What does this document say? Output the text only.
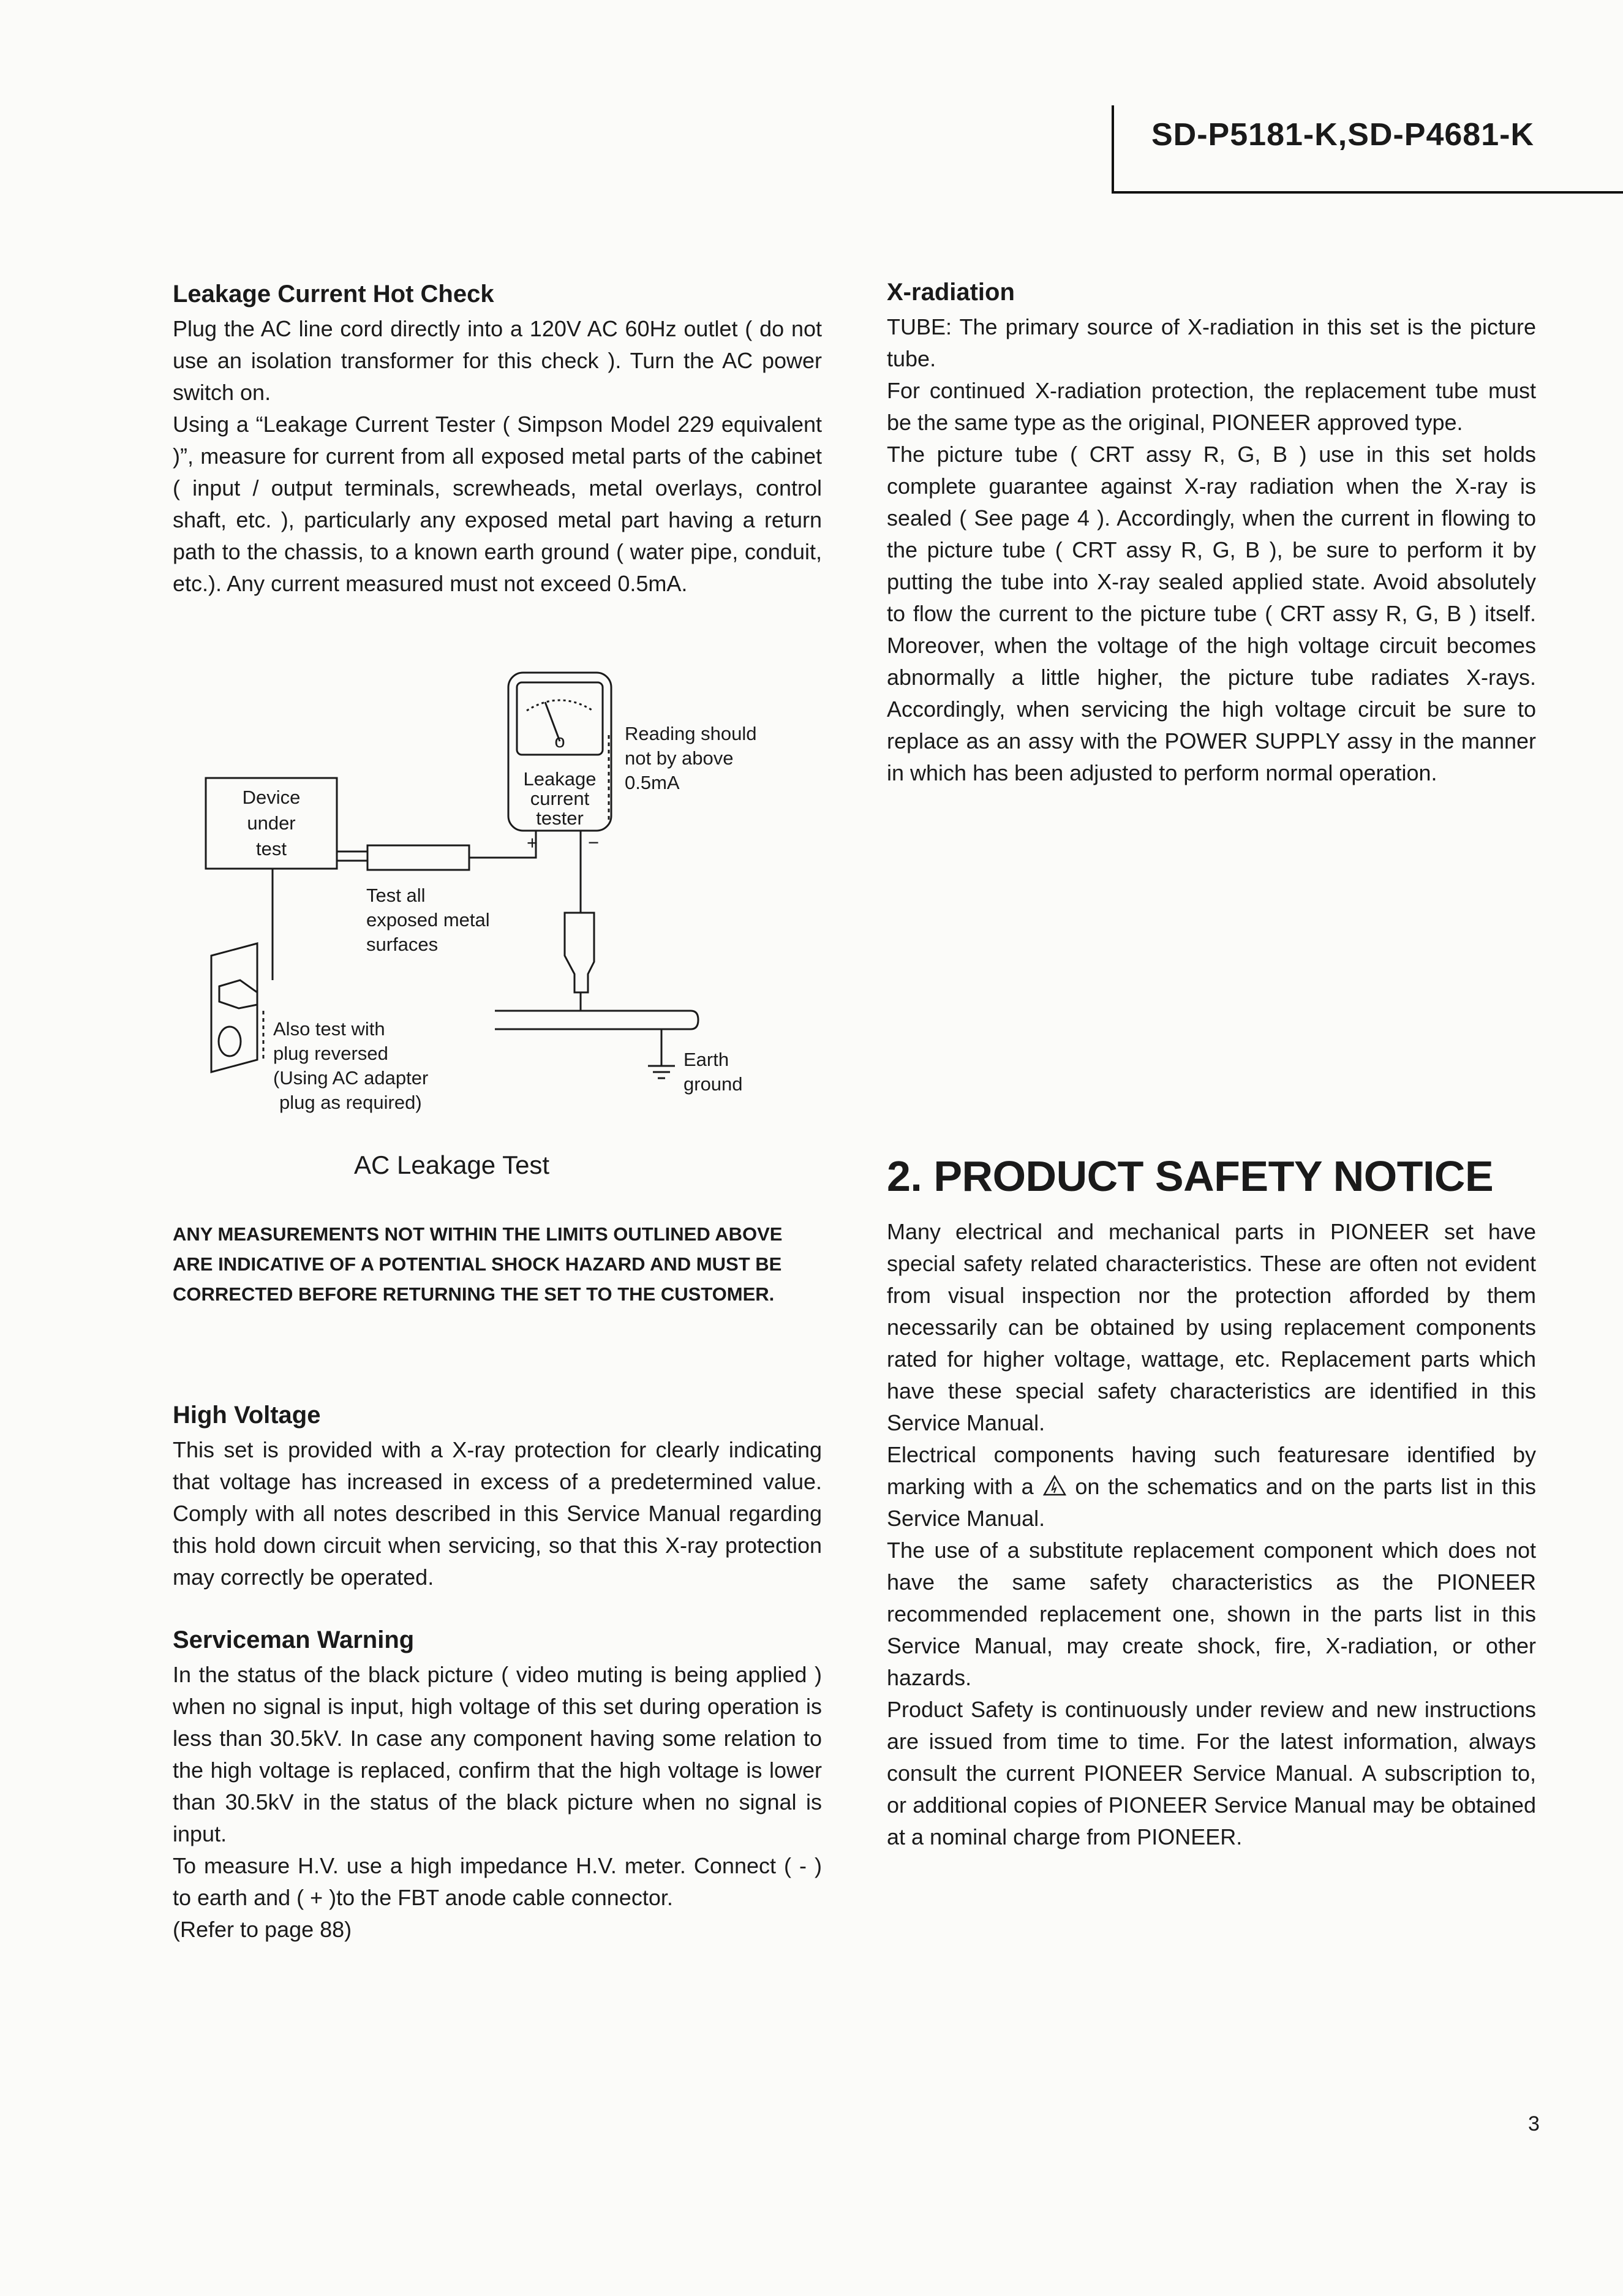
SD-P5181-K,SD-P4681-K
Leakage Current Hot Check

Plug the AC line cord directly into a 120V AC 60Hz outlet ( do not use an isolation transformer for this check ). Turn the AC power switch on.

Using a “Leakage Current Tester ( Simpson Model 229 equivalent )”, measure for current from all exposed metal parts of the cabinet ( input / output terminals, screwheads, metal overlays, control shaft, etc. ), particularly any exposed metal part having a return path to the chassis, to a known earth ground ( water pipe, conduit, etc.). Any current measured must not exceed 0.5mA.

Device
under
test
o
Leakage
current
tester
Reading should
not by above
0.5mA
+	−
Test all
exposed metal
surfaces
Also test with
plug reversed
(Using AC adapter
plug as required)
Earth
ground
AC Leakage Test

ANY MEASUREMENTS NOT WITHIN THE LIMITS OUTLINED ABOVE ARE INDICATIVE OF A POTENTIAL SHOCK HAZARD AND MUST BE CORRECTED BEFORE RETURNING THE SET TO THE CUSTOMER.

High Voltage

This set is provided with a X-ray protection for clearly indicating that voltage has increased in excess of a predetermined value. Comply with all notes described in this Service Manual regarding this hold down circuit when servicing, so that this X-ray protection may correctly be operated.

Serviceman Warning

In the status of the black picture ( video muting is being applied ) when no signal is input, high voltage of this set during operation is less than 30.5kV. In case any component having some relation to the high voltage is replaced, confirm that the high voltage is lower than 30.5kV in the status of the black picture when no signal is input.

To measure H.V. use a high impedance H.V. meter. Connect ( - ) to earth and ( + )to the FBT anode cable connector.

(Refer to page 88)

X-radiation

TUBE: The primary source of X-radiation in this set is the picture tube.

For continued X-radiation protection, the replacement tube must be the same type as the original, PIONEER approved type.

The picture tube ( CRT assy R, G, B ) use in this set holds complete guarantee against X-ray radiation when the X-ray is sealed ( See page 4 ). Accordingly, when the current in flowing to the picture tube ( CRT assy R, G, B ), be sure to perform it by putting the tube into X-ray sealed applied state. Avoid absolutely to flow the current to the picture tube ( CRT assy R, G, B ) itself. Moreover, when the voltage of the high voltage circuit becomes abnormally a little higher, the picture tube radiates X-rays. Accordingly, when servicing the high voltage circuit be sure to replace as an assy with the POWER SUPPLY assy in the manner in which has been adjusted to perform normal operation.

2. PRODUCT SAFETY NOTICE

Many electrical and mechanical parts in PIONEER set have special safety related characteristics. These are often not evident from visual inspection nor the protection afforded by them necessarily can be obtained by using replacement components rated for higher voltage, wattage, etc. Replacement parts which have these special safety characteristics are identified in this Service Manual.

Electrical components having such featuresare identified by marking with a on the schematics and on the parts list in this Service Manual.

The use of a substitute replacement component which does not have the same safety characteristics as the PIONEER recommended replacement one, shown in the parts list in this Service Manual, may create shock, fire, X-radiation, or other hazards.

Product Safety is continuously under review and new instructions are issued from time to time. For the latest information, always consult the current PIONEER Service Manual. A subscription to, or additional copies of PIONEER Service Manual may be obtained at a nominal charge from PIONEER.

3
